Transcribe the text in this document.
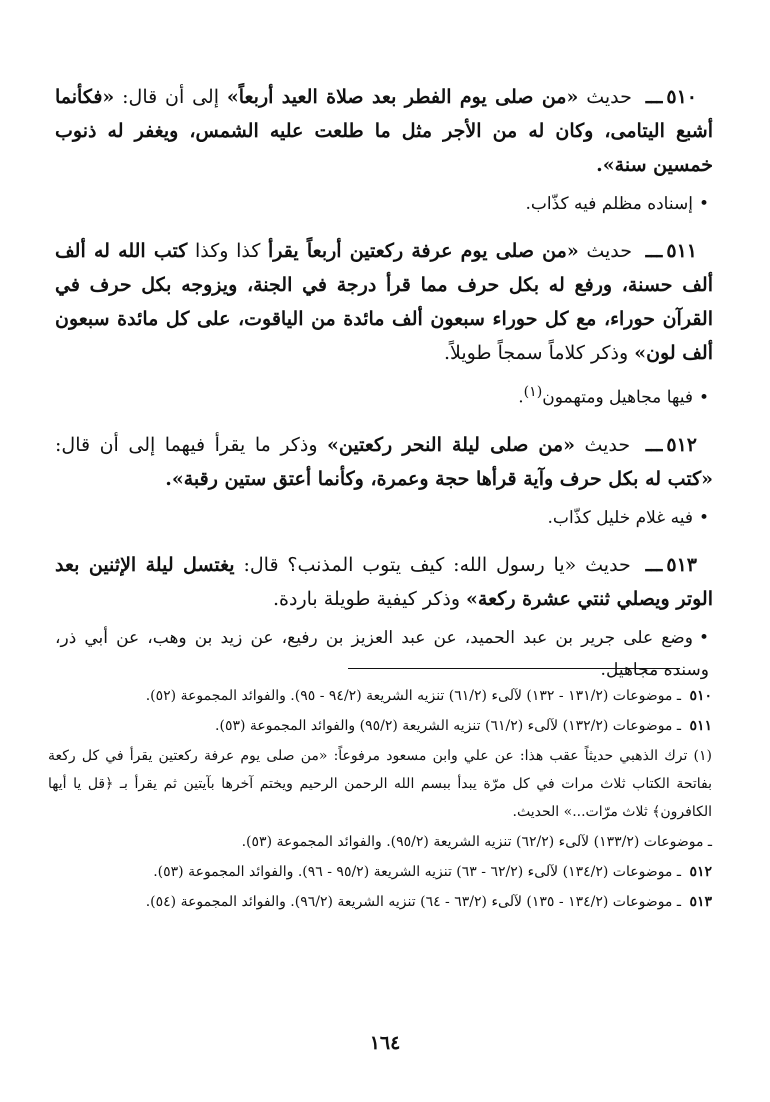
٥١٠ـــ حديث «من صلى يوم الفطر بعد صلاة العيد أربعاً» إلى أن قال: «فكأنما أشبع اليتامى، وكان له من الأجر مثل ما طلعت عليه الشمس، ويغفر له ذنوب خمسين سنة».

•إسناده مظلم فيه كذّاب.

٥١١ـــ حديث «من صلى يوم عرفة ركعتين أربعاً يقرأ كذا وكذا كتب الله له ألف ألف حسنة، ورفع له بكل حرف مما قرأ درجة في الجنة، ويزوجه بكل حرف في القرآن حوراء، مع كل حوراء سبعون ألف مائدة من الياقوت، على كل مائدة سبعون ألف لون» وذكر كلاماً سمجاً طويلاً.

•فيها مجاهيل ومتهمون$^{(١)}$.

٥١٢ـــ حديث «من صلى ليلة النحر ركعتين» وذكر ما يقرأ فيهما إلى أن قال: «كتب له بكل حرف وآية قرأها حجة وعمرة، وكأنما أعتق ستين رقبة».

•فيه غلام خليل كذّاب.

٥١٣ـــ حديث «يا رسول الله: كيف يتوب المذنب؟ قال: يغتسل ليلة الإثنين بعد الوتر ويصلي ثنتي عشرة ركعة» وذكر كيفية طويلة باردة.

•وضع على جرير بن عبد الحميد، عن عبد العزيز بن رفيع، عن زيد بن وهب، عن أبي ذر، وسنده مجاهيل.

٥١٠ ـ موضوعات (١٣١/٢ - ١٣٢) لآلىء (٦١/٢) تنزيه الشريعة (٩٤/٢ - ٩٥). والفوائد المجموعة (٥٢).

٥١١ ـ موضوعات (١٣٢/٢) لآلىء (٦١/٢) تنزيه الشريعة (٩٥/٢) والفوائد المجموعة (٥٣).

(١) ترك الذهبي حديثاً عقب هذا: عن علي وابن مسعود مرفوعاً: «من صلى يوم عرفة ركعتين يقرأ في كل ركعة بفاتحة الكتاب ثلاث مرات في كل مرّة يبدأ ببسم الله الرحمن الرحيم ويختم آخرها بآيتين ثم يقرأ بـ ﴿قل يا أيها الكافرون﴾ ثلاث مرّات...» الحديث.

ـ موضوعات (١٣٣/٢) لآلىء (٦٢/٢) تنزيه الشريعة (٩٥/٢). والفوائد المجموعة (٥٣).

٥١٢ ـ موضوعات (١٣٤/٢) لآلىء (٦٢/٢ - ٦٣) تنزيه الشريعة (٩٥/٢ - ٩٦). والفوائد المجموعة (٥٣).

٥١٣ ـ موضوعات (١٣٤/٢ - ١٣٥) لآلىء (٦٣/٢ - ٦٤) تنزيه الشريعة (٩٦/٢). والفوائد المجموعة (٥٤).

١٦٤
